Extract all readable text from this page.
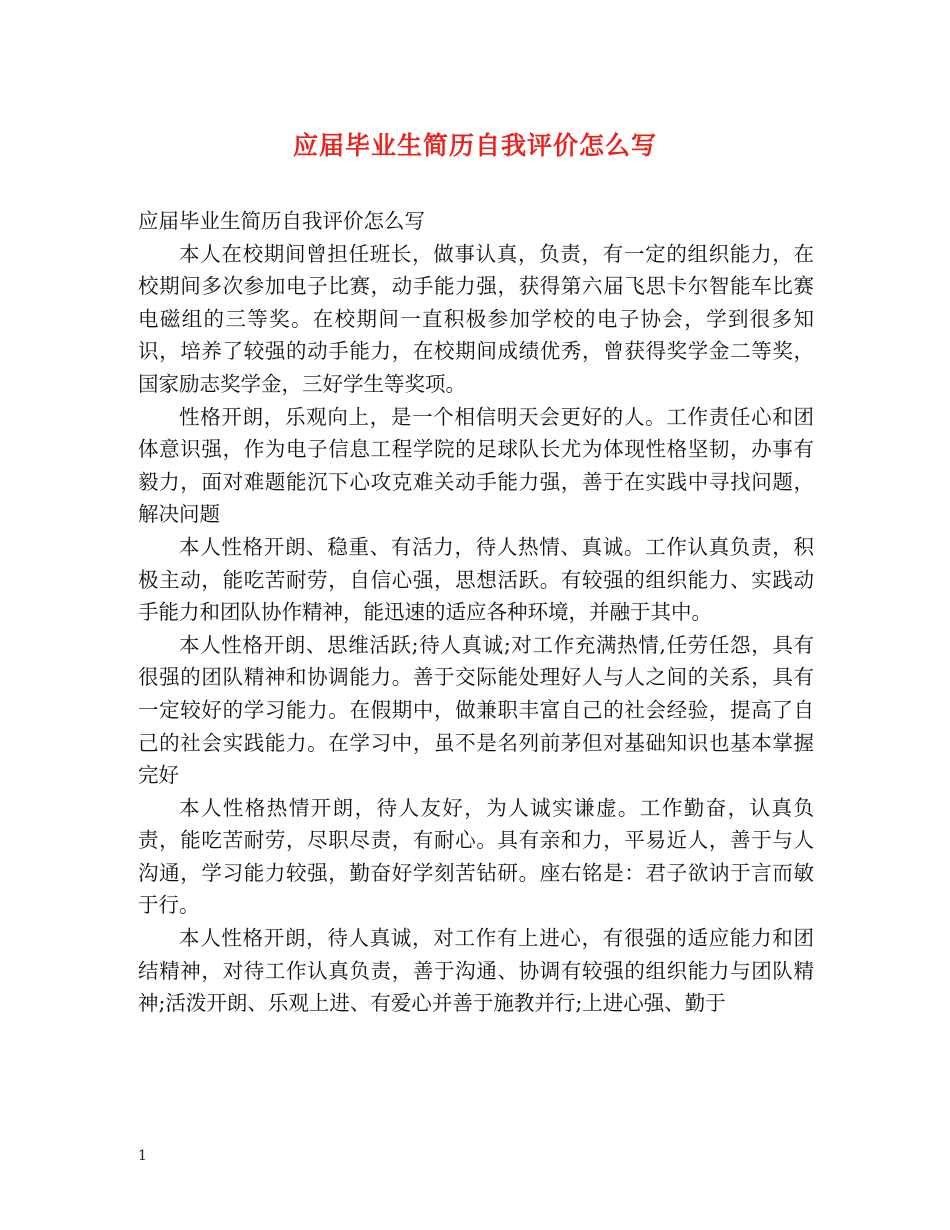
应届毕业生简历自我评价怎么写

应届毕业生简历自我评价怎么写

本人在校期间曾担任班长，做事认真，负责，有一定的组织能力，在校期间多次参加电子比赛，动手能力强，获得第六届飞思卡尔智能车比赛电磁组的三等奖。在校期间一直积极参加学校的电子协会，学到很多知识，培养了较强的动手能力，在校期间成绩优秀，曾获得奖学金二等奖，国家励志奖学金，三好学生等奖项。

性格开朗，乐观向上，是一个相信明天会更好的人。工作责任心和团体意识强，作为电子信息工程学院的足球队长尤为体现性格坚韧，办事有毅力，面对难题能沉下心攻克难关动手能力强，善于在实践中寻找问题，解决问题

本人性格开朗、稳重、有活力，待人热情、真诚。工作认真负责，积极主动，能吃苦耐劳，自信心强，思想活跃。有较强的组织能力、实践动手能力和团队协作精神，能迅速的适应各种环境，并融于其中。

本人性格开朗、思维活跃;待人真诚;对工作充满热情,任劳任怨，具有很强的团队精神和协调能力。善于交际能处理好人与人之间的关系，具有一定较好的学习能力。在假期中，做兼职丰富自己的社会经验，提高了自己的社会实践能力。在学习中，虽不是名列前茅但对基础知识也基本掌握完好

本人性格热情开朗，待人友好，为人诚实谦虚。工作勤奋，认真负责，能吃苦耐劳，尽职尽责，有耐心。具有亲和力，平易近人，善于与人沟通，学习能力较强，勤奋好学刻苦钻研。座右铭是：君子欲讷于言而敏于行。

本人性格开朗，待人真诚，对工作有上进心，有很强的适应能力和团结精神，对待工作认真负责，善于沟通、协调有较强的组织能力与团队精神;活泼开朗、乐观上进、有爱心并善于施教并行;上进心强、勤于

1
